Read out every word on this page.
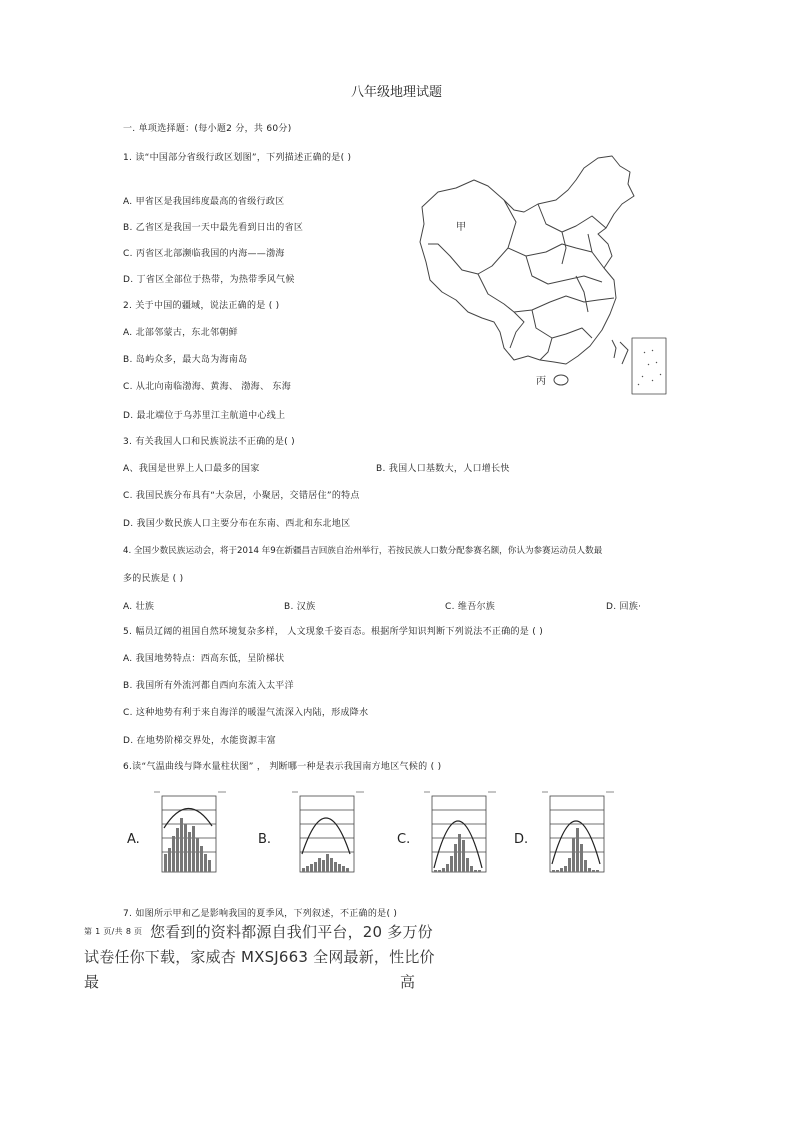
八年级地理试题
一. 单项选择题：(每小题2 分，共 60分)
1. 读“中国部分省级行政区划图”，下列描述正确的是( )
A. 甲省区是我国纬度最高的省级行政区
B. 乙省区是我国一天中最先看到日出的省区
C. 丙省区北部濒临我国的内海——渤海
D. 丁省区全部位于热带，为热带季风气候
甲
丙
2. 关于中国的疆域，说法正确的是 ( )
A. 北部邻蒙古，东北邻朝鲜
B. 岛屿众多，最大岛为海南岛
C. 从北向南临渤海、黄海、 渤海、 东海
D. 最北端位于乌苏里江主航道中心线上
3. 有关我国人口和民族说法不正确的是( )
A、我国是世界上人口最多的国家	B. 我国人口基数大，人口增长快
C. 我国民族分布具有“大杂居，小聚居，交错居住”的特点
D. 我国少数民族人口主要分布在东南、西北和东北地区
4. 全国少数民族运动会，将于2014 年9在新疆昌吉回族自治州举行，若按民族人口数分配参赛名额，你认为参赛运动员人数最
多的民族是 ( )
A. 壮族	B. 汉族	C. 维吾尔族	D. 回族·
5. 幅员辽阔的祖国自然环境复杂多样， 人文现象千姿百态。根据所学知识判断下列说法不正确的是 ( )
A. 我国地势特点：西高东低，呈阶梯状
B. 我国所有外流河都自西向东流入太平洋
C. 这种地势有利于来自海洋的暖湿气流深入内陆，形成降水
D. 在地势阶梯交界处，水能资源丰富
6.读“气温曲线与降水量柱状图” ， 判断哪一种是表示我国南方地区气候的 ( )
A.	B.	C.	D.
7. 如图所示甲和乙是影响我国的夏季风，下列叙述，不正确的是( )
第 1 页/共 8 页 您看到的资料都源自我们平台，20 多万份
试卷任你下载，家威杏 MXSJ663 全网最新，性比价
最	高
